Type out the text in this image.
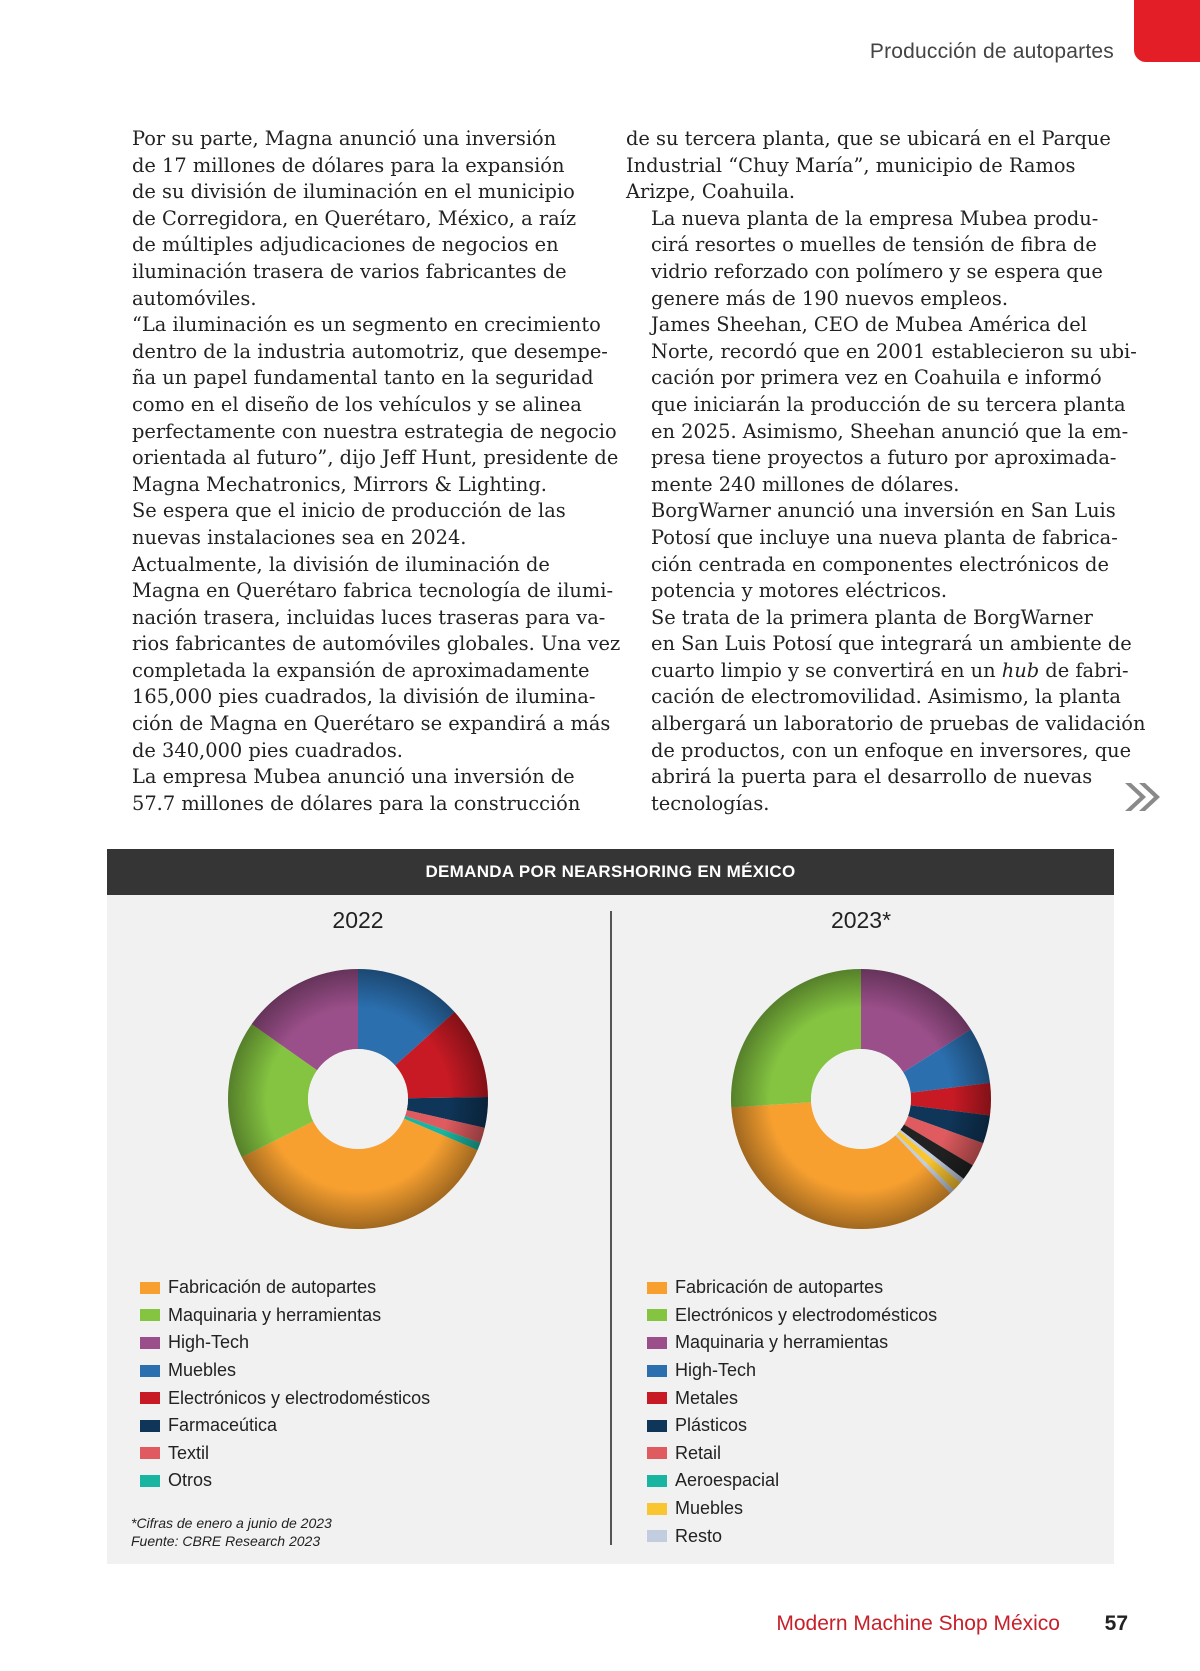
Producción de autopartes

Por su parte, Magna anunció una inversión
de 17 millones de dólares para la expansión
de su división de iluminación en el municipio
de Corregidora, en Querétaro, México, a raíz
de múltiples adjudicaciones de negocios en
iluminación trasera de varios fabricantes de
automóviles.

“La iluminación es un segmento en crecimiento
dentro de la industria automotriz, que desempe-
ña un papel fundamental tanto en la seguridad
como en el diseño de los vehículos y se alinea
perfectamente con nuestra estrategia de negocio
orientada al futuro”, dijo Jeff Hunt, presidente de
Magna Mechatronics, Mirrors & Lighting.

Se espera que el inicio de producción de las
nuevas instalaciones sea en 2024.

Actualmente, la división de iluminación de
Magna en Querétaro fabrica tecnología de ilumi-
nación trasera, incluidas luces traseras para va-
rios fabricantes de automóviles globales. Una vez
completada la expansión de aproximadamente
165,000 pies cuadrados, la división de ilumina-
ción de Magna en Querétaro se expandirá a más
de 340,000 pies cuadrados.

La empresa Mubea anunció una inversión de
57.7 millones de dólares para la construcción

de su tercera planta, que se ubicará en el Parque
Industrial “Chuy María”, municipio de Ramos
Arizpe, Coahuila.

La nueva planta de la empresa Mubea produ-
cirá resortes o muelles de tensión de fibra de
vidrio reforzado con polímero y se espera que
genere más de 190 nuevos empleos.

James Sheehan, CEO de Mubea América del
Norte, recordó que en 2001 establecieron su ubi-
cación por primera vez en Coahuila e informó
que iniciarán la producción de su tercera planta
en 2025. Asimismo, Sheehan anunció que la em-
presa tiene proyectos a futuro por aproximada-
mente 240 millones de dólares.

BorgWarner anunció una inversión en San Luis
Potosí que incluye una nueva planta de fabrica-
ción centrada en componentes electrónicos de
potencia y motores eléctricos.

Se trata de la primera planta de BorgWarner
en San Luis Potosí que integrará un ambiente de
cuarto limpio y se convertirá en un hub de fabri-
cación de electromovilidad. Asimismo, la planta
albergará un laboratorio de pruebas de validación
de productos, con un enfoque en inversores, que
abrirá la puerta para el desarrollo de nuevas
tecnologías.

DEMANDA POR NEARSHORING EN MÉXICO
2022
Fabricación de autopartes
Maquinaria y herramientas
High-Tech
Muebles
Electrónicos y electrodomésticos
Farmaceútica
Textil
Otros
2023*
Fabricación de autopartes
Electrónicos y electrodomésticos
Maquinaria y herramientas
High-Tech
Metales
Plásticos
Retail
Aeroespacial
Muebles
Resto
*Cifras de enero a junio de 2023
Fuente: CBRE Research 2023
Modern Machine Shop México 57
